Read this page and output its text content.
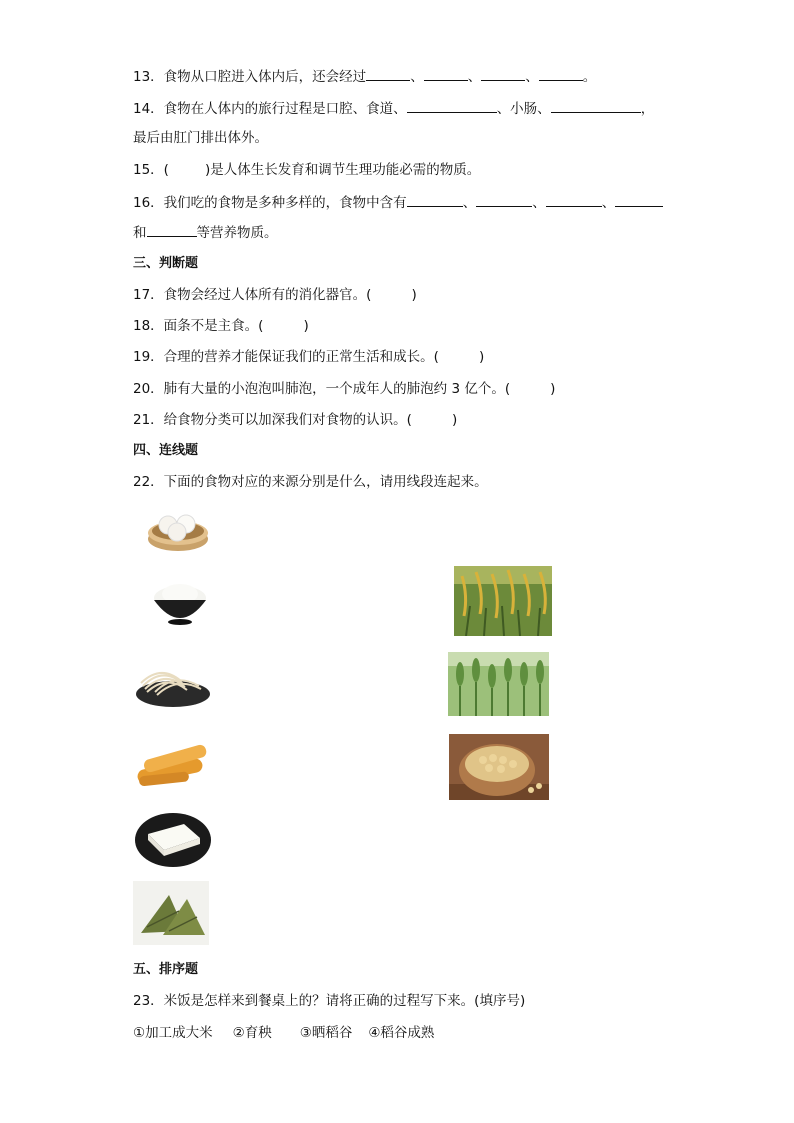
13．食物从口腔进入体内后，还会经过	、	、	、	。
14．食物在人体内的旅行过程是口腔、食道、	、小肠、	，
最后由肛门排出体外。
15．(	)是人体生长发育和调节生理功能必需的物质。
16．我们吃的食物是多种多样的，食物中含有	、	、	、
和	等营养物质。
三、判断题
17．食物会经过人体所有的消化器官。(	)
18．面条不是主食。(	)
19．合理的营养才能保证我们的正常生活和成长。(	)
20．肺有大量的小泡泡叫肺泡，一个成年人的肺泡约 3 亿个。(	)
21．给食物分类可以加深我们对食物的认识。(	)
四、连线题
22．下面的食物对应的来源分别是什么，请用线段连起来。
五、排序题
23．米饭是怎样来到餐桌上的？请将正确的过程写下来。(填序号)
①加工成大米 ②育秧 ③晒稻谷 ④稻谷成熟
